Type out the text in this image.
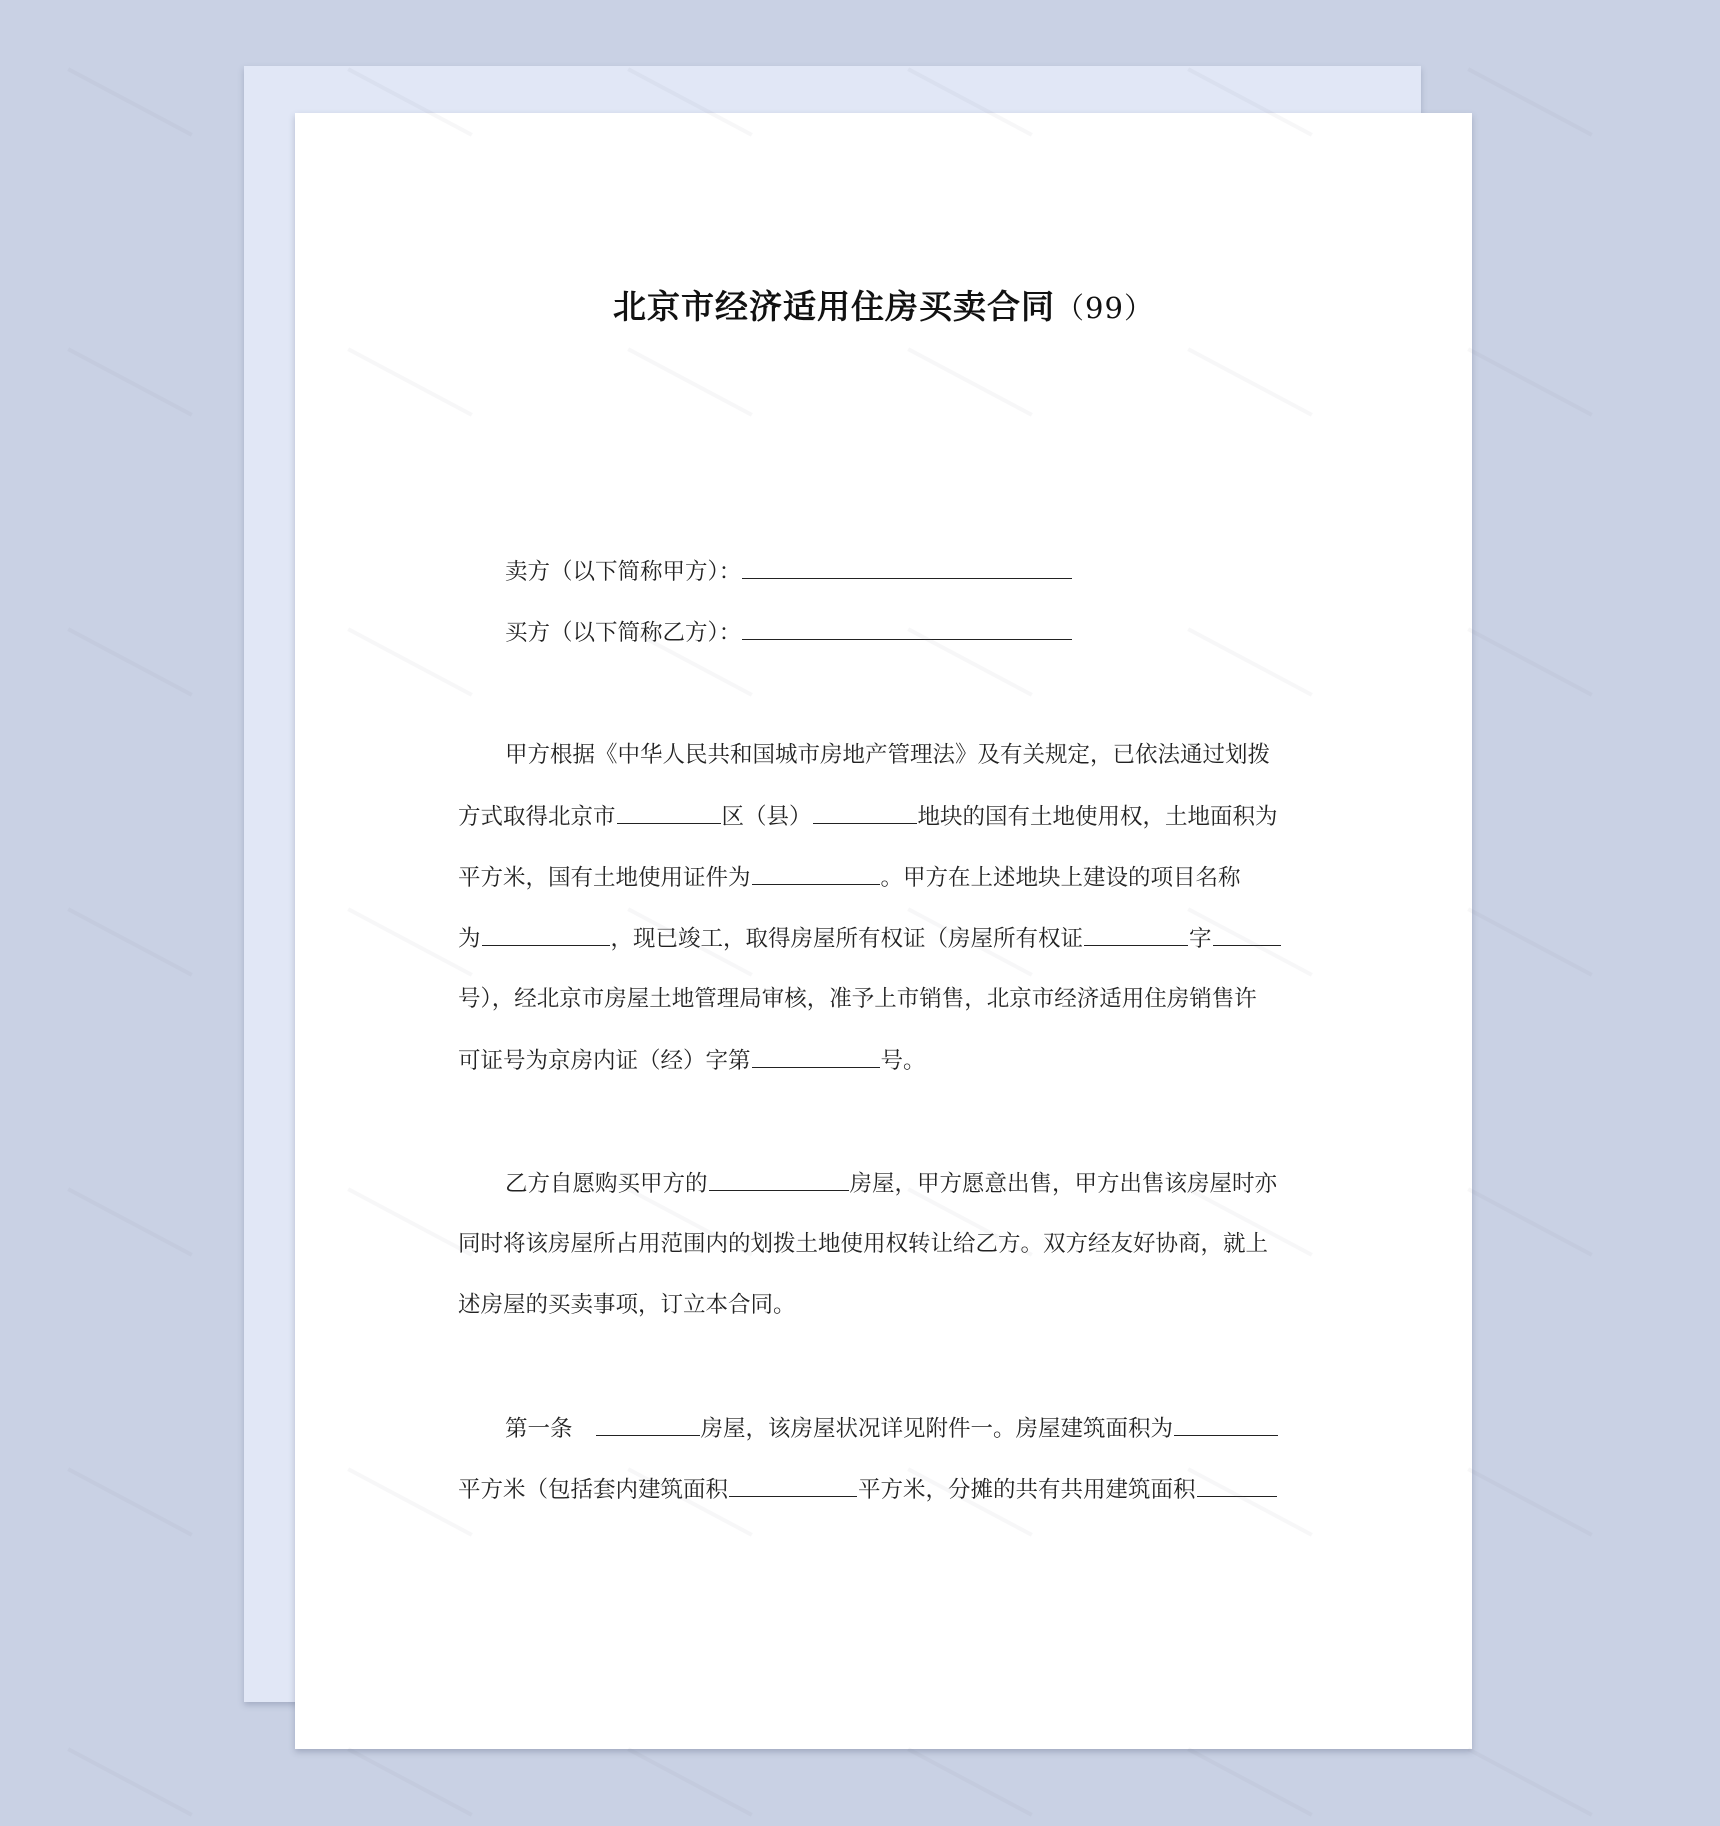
北京市经济适用住房买卖合同（99）
卖方（以下简称甲方）：
买方（以下简称乙方）：
甲方根据《中华人民共和国城市房地产管理法》及有关规定，已依法通过划拨
方式取得北京市	区（县）	地块的国有土地使用权，土地面积为
平方米，国有土地使用证件为	。甲方在上述地块上建设的项目名称
为	，现已竣工，取得房屋所有权证（房屋所有权证	字
号），经北京市房屋土地管理局审核，准予上市销售，北京市经济适用住房销售许
可证号为京房内证（经）字第	号。
乙方自愿购买甲方的	房屋，甲方愿意出售，甲方出售该房屋时亦
同时将该房屋所占用范围内的划拨土地使用权转让给乙方。双方经友好协商，就上
述房屋的买卖事项，订立本合同。
第一条	房屋，该房屋状况详见附件一。房屋建筑面积为
平方米（包括套内建筑面积	平方米，分摊的共有共用建筑面积
